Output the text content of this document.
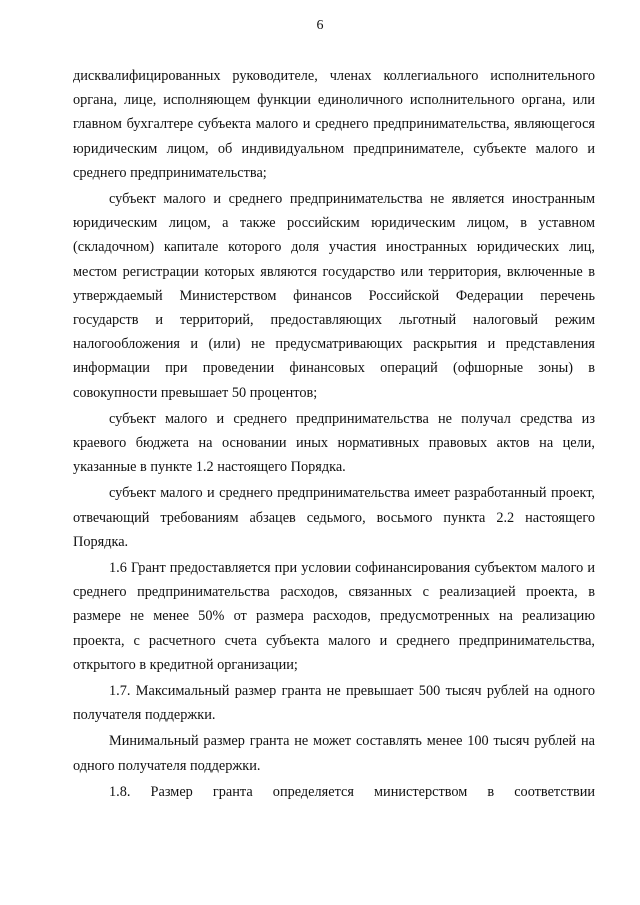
6

дисквалифицированных руководителе, членах коллегиального исполнительного органа, лице, исполняющем функции единоличного исполнительного органа, или главном бухгалтере субъекта малого и среднего предпринимательства, являющегося юридическим лицом, об индивидуальном предпринимателе, субъекте малого и среднего предпринимательства;

субъект малого и среднего предпринимательства не является иностранным юридическим лицом, а также российским юридическим лицом, в уставном (складочном) капитале которого доля участия иностранных юридических лиц, местом регистрации которых являются государство или территория, включенные в утверждаемый Министерством финансов Российской Федерации перечень государств и территорий, предоставляющих льготный налоговый режим налогообложения и (или) не предусматривающих раскрытия и представления информации при проведении финансовых операций (офшорные зоны) в совокупности превышает 50 процентов;

субъект малого и среднего предпринимательства не получал средства из краевого бюджета на основании иных нормативных правовых актов на цели, указанные в пункте 1.2 настоящего Порядка.

субъект малого и среднего предпринимательства имеет разработанный проект, отвечающий требованиям абзацев седьмого, восьмого пункта 2.2 настоящего Порядка.

1.6 Грант предоставляется при условии софинансирования субъектом малого и среднего предпринимательства расходов, связанных с реализацией проекта, в размере не менее 50% от размера расходов, предусмотренных на реализацию проекта, с расчетного счета субъекта малого и среднего предпринимательства, открытого в кредитной организации;

1.7. Максимальный размер гранта не превышает 500 тысяч рублей на одного получателя поддержки.

Минимальный размер гранта не может составлять менее 100 тысяч рублей на одного получателя поддержки.

1.8. Размер гранта определяется министерством в соответствии
